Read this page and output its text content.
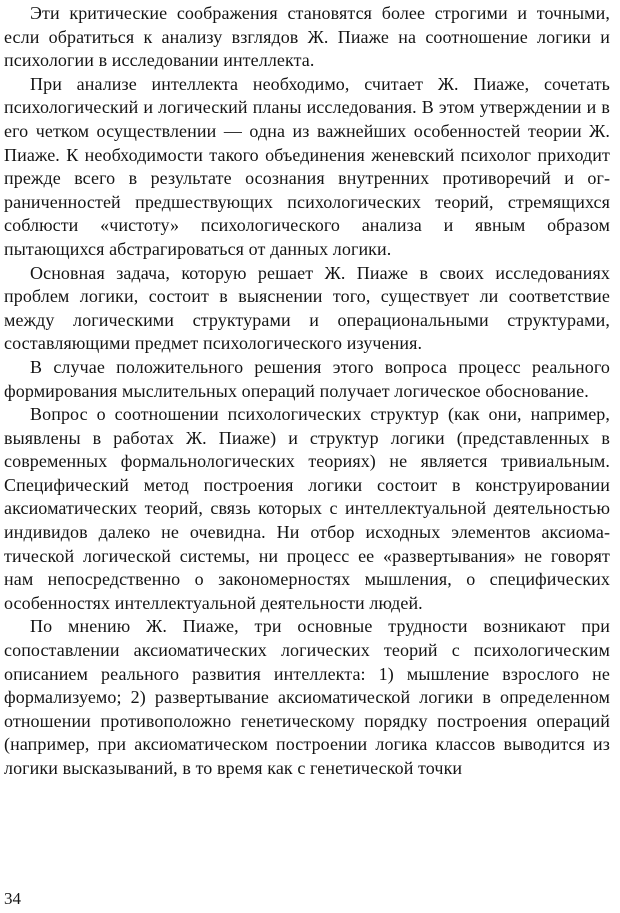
Эти критические соображения становятся более строгими и точными, если обратиться к анализу взглядов Ж. Пиаже на соотношение логики и психологии в исследовании интеллекта.

При анализе интеллекта необходимо, считает Ж. Пиаже, сочетать психологический и логический планы исследования. В этом утверждении и в его четком осуществлении — одна из важнейших особенностей теории Ж. Пиаже. К необходимости такого объединения женевский психолог приходит прежде всего в результате осознания внутренних противоречий и ограниченностей предшествующих психологических теорий, стремящихся соблюсти «чистоту» психологического анализа и явным образом пытающихся абстрагироваться от данных логики.

Основная задача, которую решает Ж. Пиаже в своих исследованиях проблем логики, состоит в выяснении того, существует ли соответствие между логическими структурами и операциональными структурами, составляющими предмет психологического изучения.

В случае положительного решения этого вопроса процесс реального формирования мыслительных операций получает логическое обоснование.

Вопрос о соотношении психологических структур (как они, например, выявлены в работах Ж. Пиаже) и структур логики (представленных в современных формальнологических теориях) не является тривиальным. Специфический метод построения логики состоит в конструировании аксиоматических теорий, связь которых с интеллектуальной деятельностью индивидов далеко не очевидна. Ни отбор исходных элементов аксиоматической логической системы, ни процесс ее «развертывания» не говорят нам непосредственно о закономерностях мышления, о специфических особенностях интеллектуальной деятельности людей.

По мнению Ж. Пиаже, три основные трудности возникают при сопоставлении аксиоматических логических теорий с психологическим описанием реального развития интеллекта: 1) мышление взрослого не формализуемо; 2) развертывание аксиоматической логики в определенном отношении противоположно генетическому порядку построения операций (например, при аксиоматическом построении логика классов выводится из логики высказываний, в то время как с генетической точки

34
